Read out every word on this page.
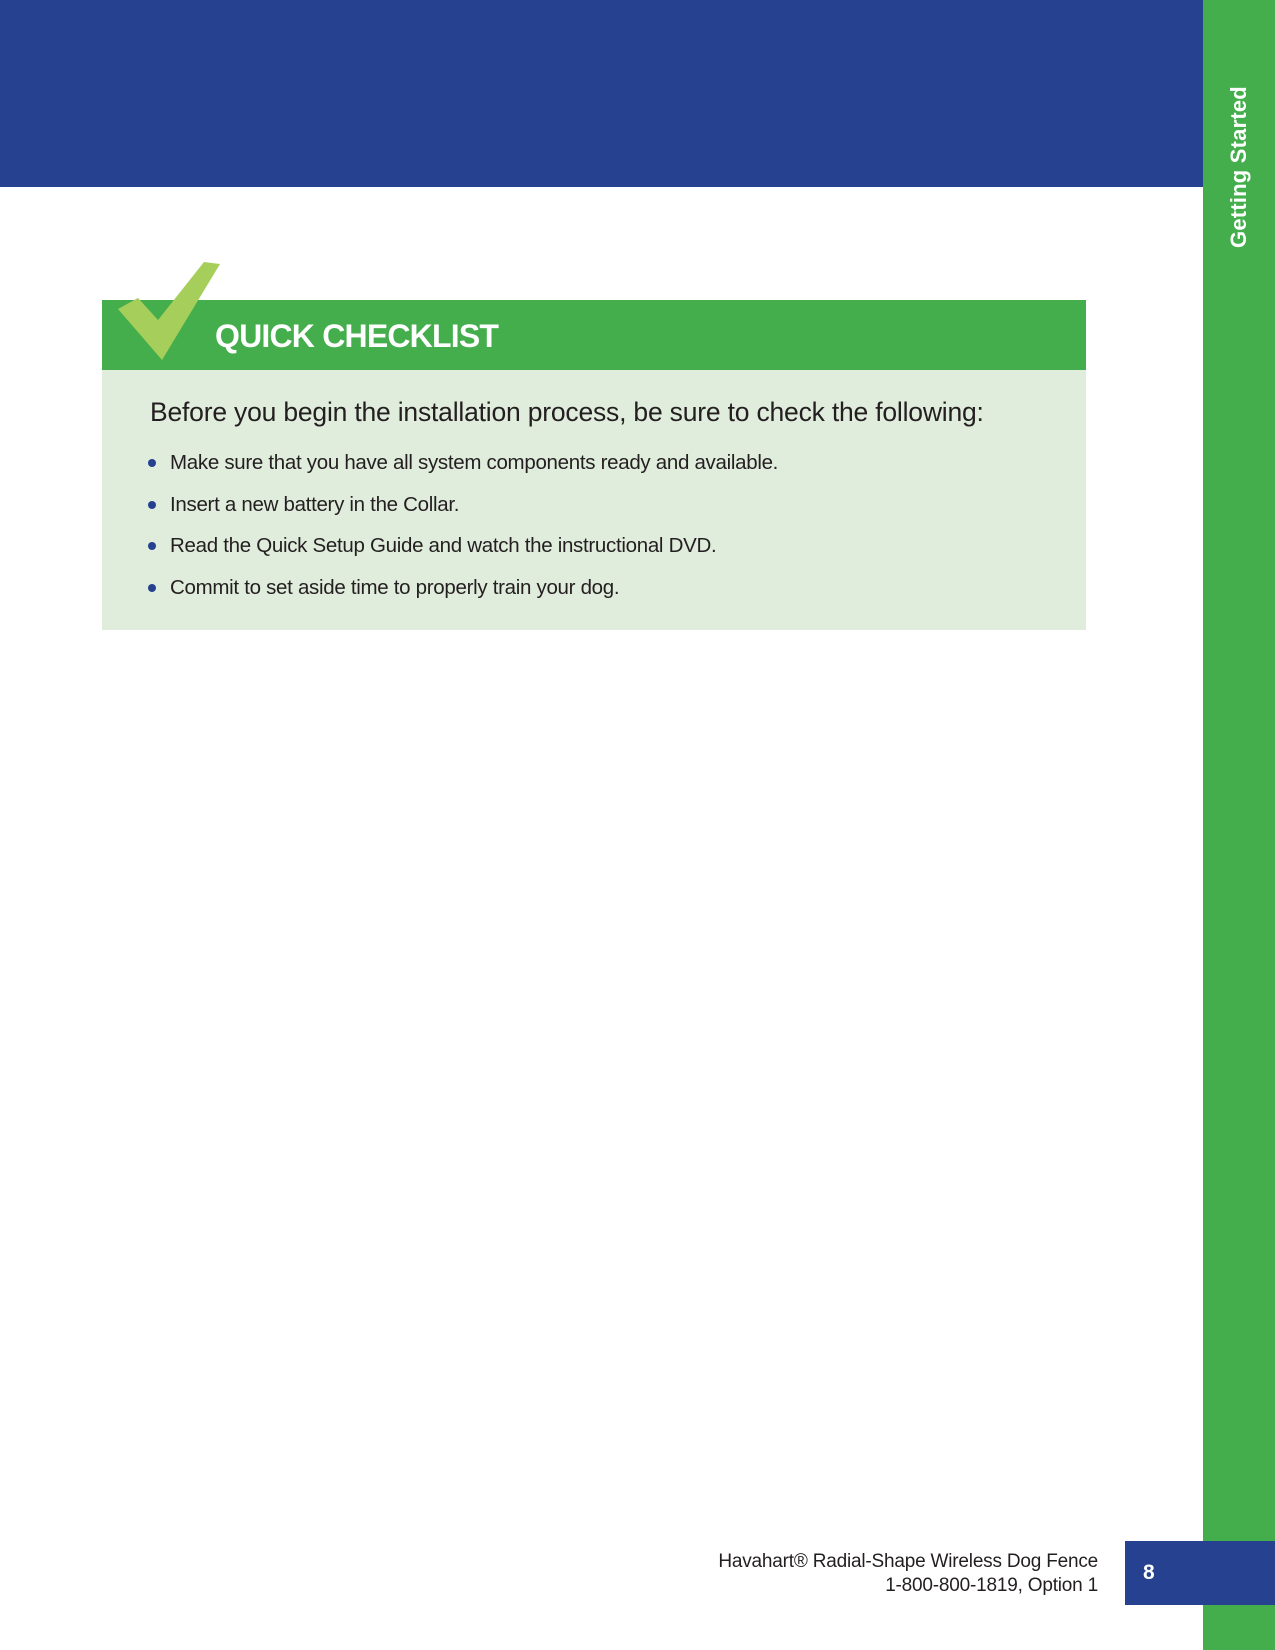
Getting Started
QUICK CHECKLIST

Before you begin the installation process, be sure to check the following:

Make sure that you have all system components ready and available.
Insert a new battery in the Collar.
Read the Quick Setup Guide and watch the instructional DVD.
Commit to set aside time to properly train your dog.
Havahart® Radial-Shape Wireless Dog Fence
1-800-800-1819, Option 1
8
